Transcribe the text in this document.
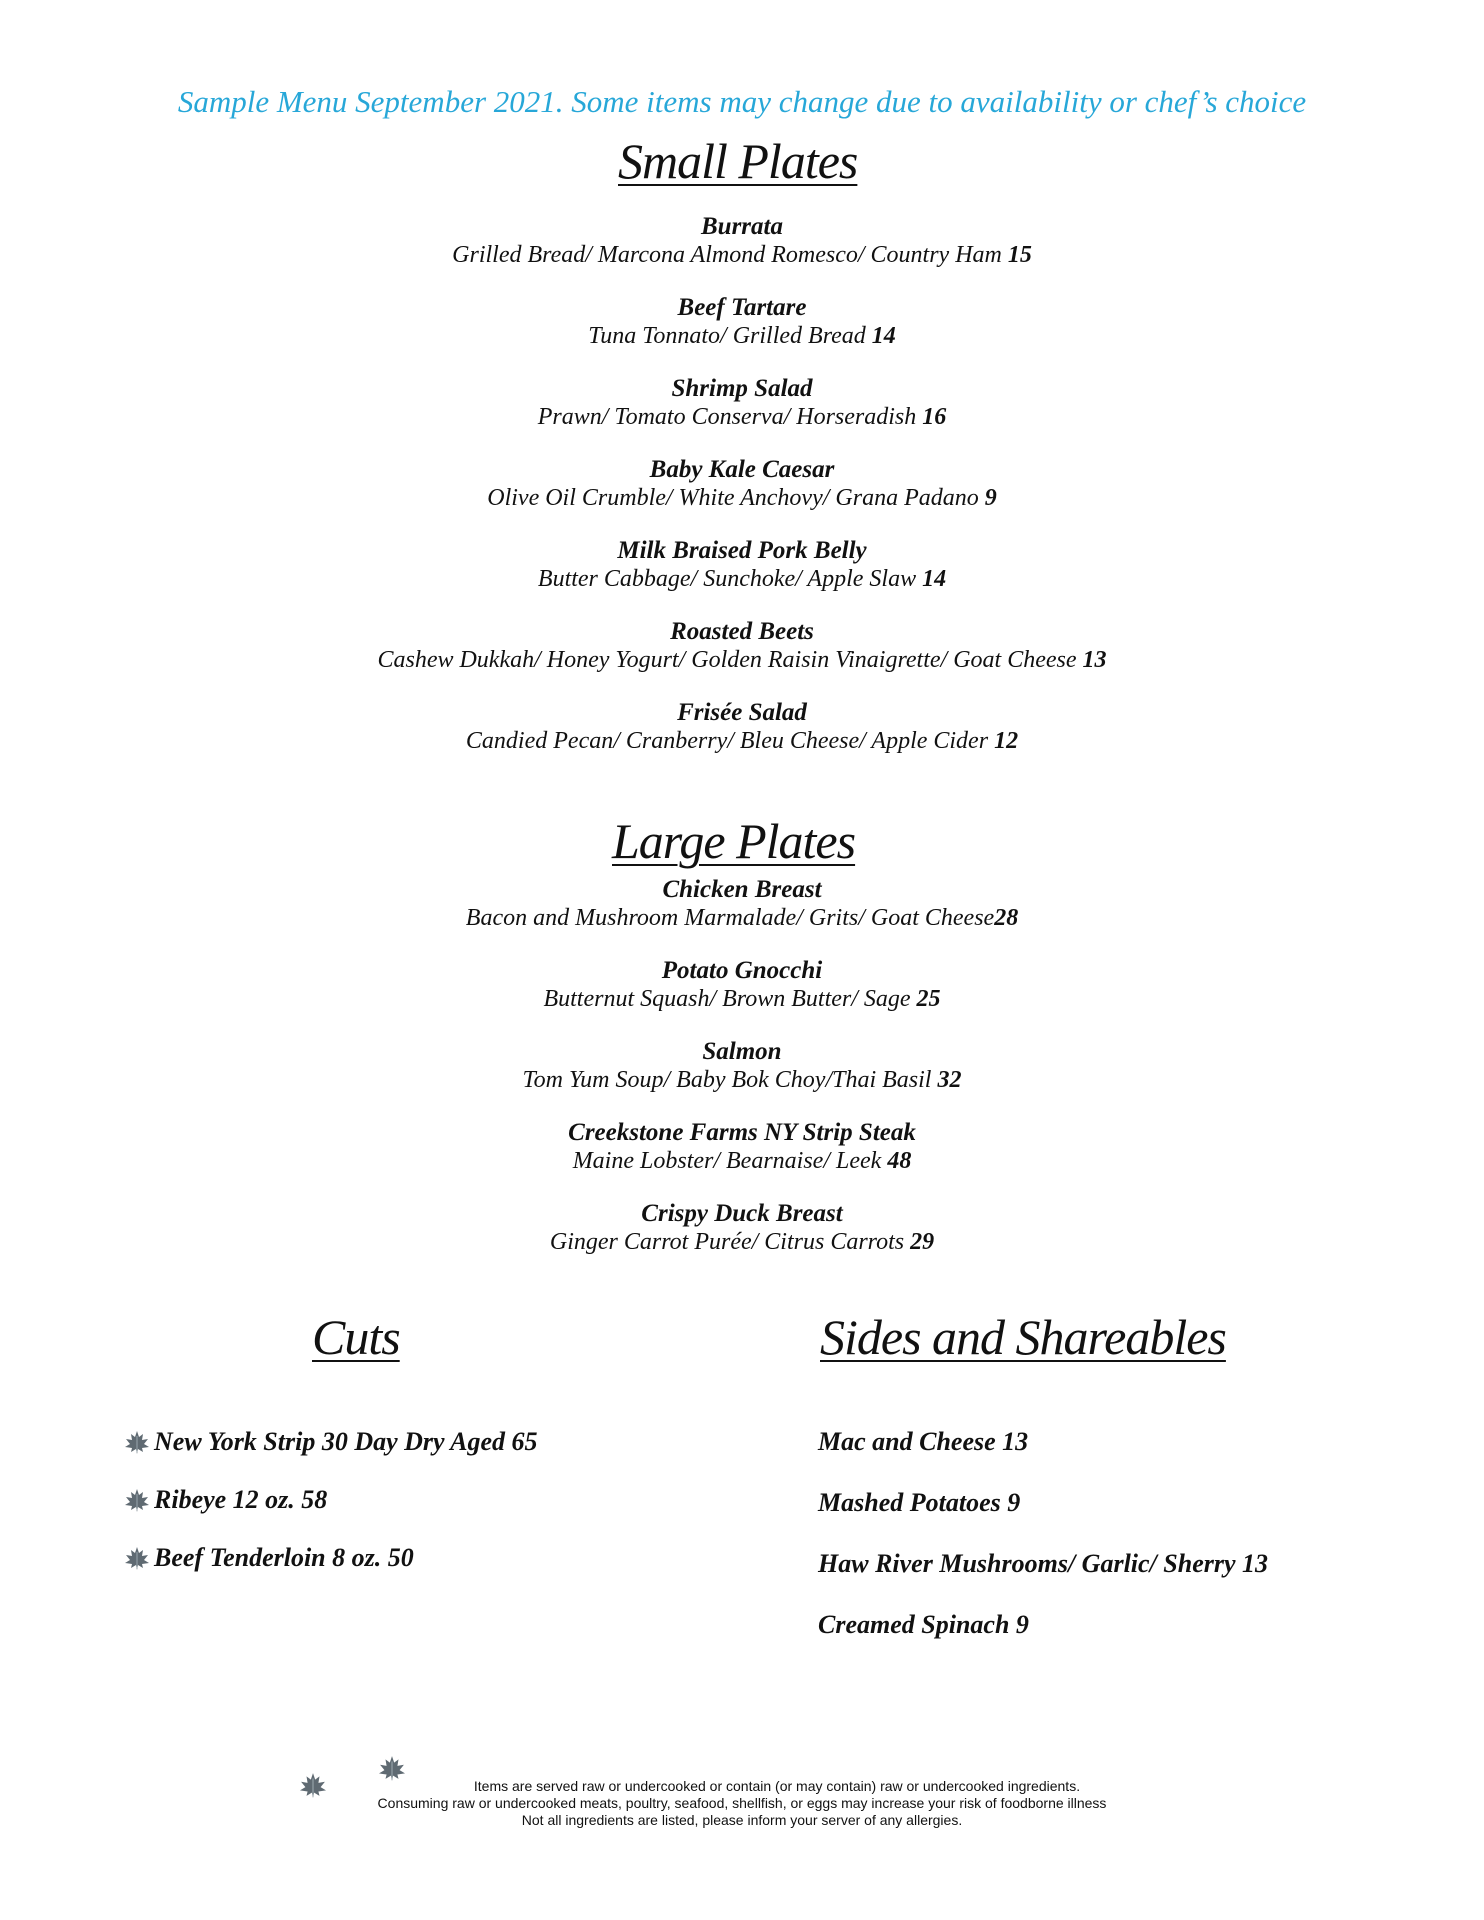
Sample Menu September 2021. Some items may change due to availability or chef’s choice
Small Plates
Burrata
Grilled Bread/ Marcona Almond Romesco/ Country Ham 15
Beef Tartare
Tuna Tonnato/ Grilled Bread 14
Shrimp Salad
Prawn/ Tomato Conserva/ Horseradish 16
Baby Kale Caesar
Olive Oil Crumble/ White Anchovy/ Grana Padano 9
Milk Braised Pork Belly
Butter Cabbage/ Sunchoke/ Apple Slaw 14
Roasted Beets
Cashew Dukkah/ Honey Yogurt/ Golden Raisin Vinaigrette/ Goat Cheese 13
Frisée Salad
Candied Pecan/ Cranberry/ Bleu Cheese/ Apple Cider 12
Large Plates
Chicken Breast
Bacon and Mushroom Marmalade/ Grits/ Goat Cheese28
Potato Gnocchi
Butternut Squash/ Brown Butter/ Sage 25
Salmon
Tom Yum Soup/ Baby Bok Choy/Thai Basil 32
Creekstone Farms NY Strip Steak
Maine Lobster/ Bearnaise/ Leek 48
Crispy Duck Breast
Ginger Carrot Purée/ Citrus Carrots 29
Cuts
New York Strip 30 Day Dry Aged 65
Ribeye 12 oz. 58
Beef Tenderloin 8 oz. 50
Sides and Shareables
Mac and Cheese 13
Mashed Potatoes 9
Haw River Mushrooms/ Garlic/ Sherry 13
Creamed Spinach 9
Items are served raw or undercooked or contain (or may contain) raw or undercooked ingredients.
Consuming raw or undercooked meats, poultry, seafood, shellfish, or eggs may increase your risk of foodborne illness
Not all ingredients are listed, please inform your server of any allergies.
